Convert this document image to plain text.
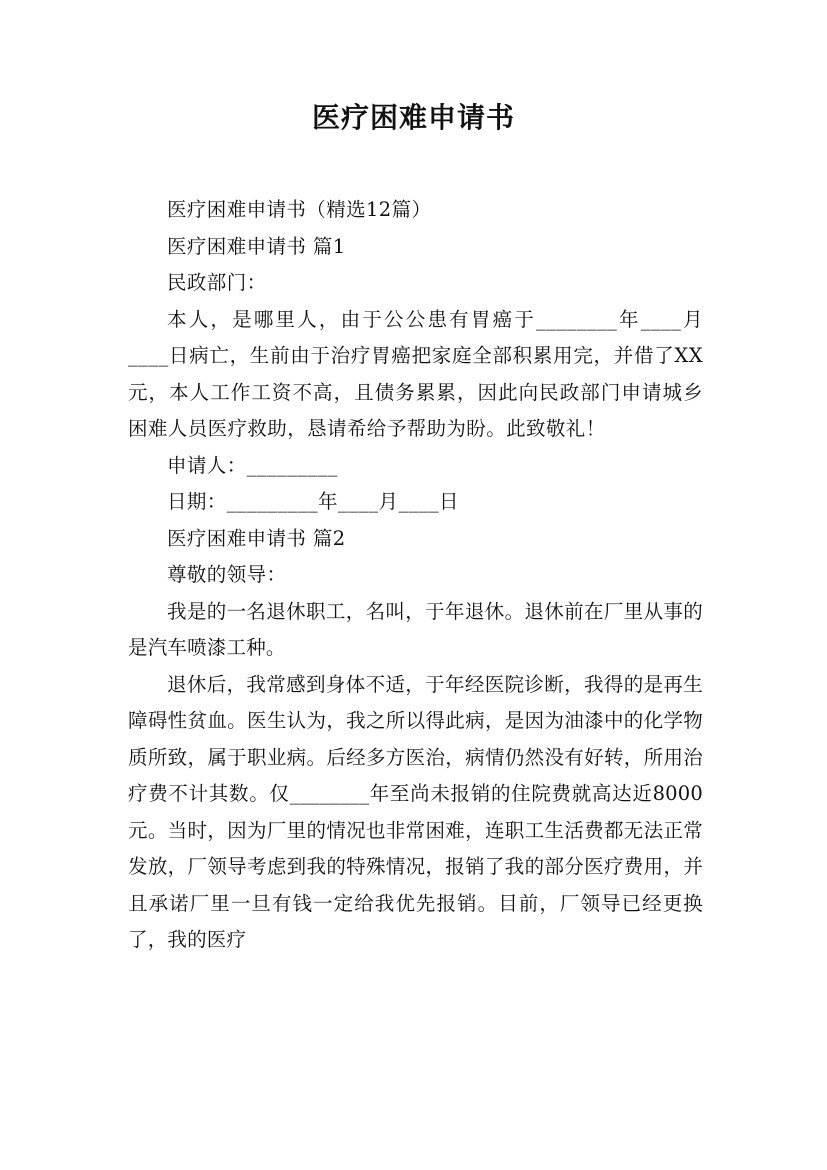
医疗困难申请书

医疗困难申请书（精选12篇）

医疗困难申请书 篇1

民政部门：

本人，是哪里人，由于公公患有胃癌于________年____月____日病亡，生前由于治疗胃癌把家庭全部积累用完，并借了XX元，本人工作工资不高，且债务累累，因此向民政部门申请城乡困难人员医疗救助，恳请希给予帮助为盼。此致敬礼！

申请人：_________

日期：_________年____月____日

医疗困难申请书 篇2

尊敬的领导：

我是的一名退休职工，名叫，于年退休。退休前在厂里从事的是汽车喷漆工种。

退休后，我常感到身体不适，于年经医院诊断，我得的是再生障碍性贫血。医生认为，我之所以得此病，是因为油漆中的化学物质所致，属于职业病。后经多方医治，病情仍然没有好转，所用治疗费不计其数。仅________年至尚未报销的住院费就高达近8000元。当时，因为厂里的情况也非常困难，连职工生活费都无法正常发放，厂领导考虑到我的特殊情况，报销了我的部分医疗费用，并且承诺厂里一旦有钱一定给我优先报销。目前，厂领导已经更换了，我的医疗
